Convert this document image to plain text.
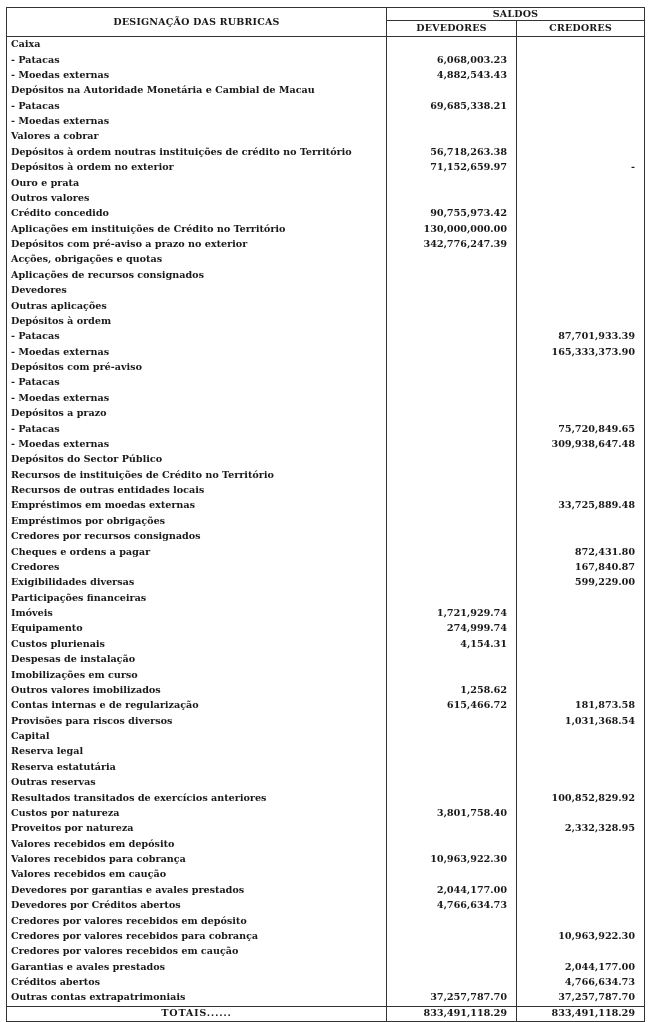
DESIGNAÇÃO DAS RUBRICAS	SALDOS	
	DEVEDORES	CREDORES
Caixa		
- Patacas	6,068,003.23	
- Moedas externas	4,882,543.43	
Depósitos na Autoridade Monetária e Cambial de Macau		
- Patacas	69,685,338.21	
- Moedas externas		
Valores a cobrar		
Depósitos à ordem noutras instituições de crédito no Território	56,718,263.38	
Depósitos à ordem no exterior	71,152,659.97	-
Ouro e prata		
Outros valores		
Crédito concedido	90,755,973.42	
Aplicações em instituições de Crédito no Território	130,000,000.00	
Depósitos com pré-aviso a prazo no exterior	342,776,247.39	
Acções, obrigações e quotas		
Aplicações de recursos consignados		
Devedores		
Outras aplicações		
Depósitos à ordem		
- Patacas		87,701,933.39
- Moedas externas		165,333,373.90
Depósitos com pré-aviso		
- Patacas		
- Moedas externas		
Depósitos a prazo		
- Patacas		75,720,849.65
- Moedas externas		309,938,647.48
Depósitos do Sector Público		
Recursos de instituições de Crédito no Território		
Recursos de outras entidades locais		
Empréstimos em moedas externas		33,725,889.48
Empréstimos por obrigações		
Credores por recursos consignados		
Cheques e ordens a pagar		872,431.80
Credores		167,840.87
Exigibilidades diversas		599,229.00
Participações financeiras		
Imóveis	1,721,929.74	
Equipamento	274,999.74	
Custos plurienais	4,154.31	
Despesas de instalação		
Imobilizações em curso		
Outros valores imobilizados	1,258.62	
Contas internas e de regularização	615,466.72	181,873.58
Provisões para riscos diversos		1,031,368.54
Capital		
Reserva legal		
Reserva estatutária		
Outras reservas		
Resultados transitados de exercícios anteriores		100,852,829.92
Custos por natureza	3,801,758.40	
Proveitos por natureza		2,332,328.95
Valores recebidos em depósito		
Valores recebidos para cobrança	10,963,922.30	
Valores recebidos em caução		
Devedores por garantias e avales prestados	2,044,177.00	
Devedores por Créditos abertos	4,766,634.73	
Credores por valores recebidos em depósito		
Credores por valores recebidos para cobrança		10,963,922.30
Credores por valores recebidos em caução		
Garantias e avales prestados		2,044,177.00
Créditos abertos		4,766,634.73
Outras contas extrapatrimoniais	37,257,787.70	37,257,787.70
TOTAIS......	833,491,118.29	833,491,118.29
